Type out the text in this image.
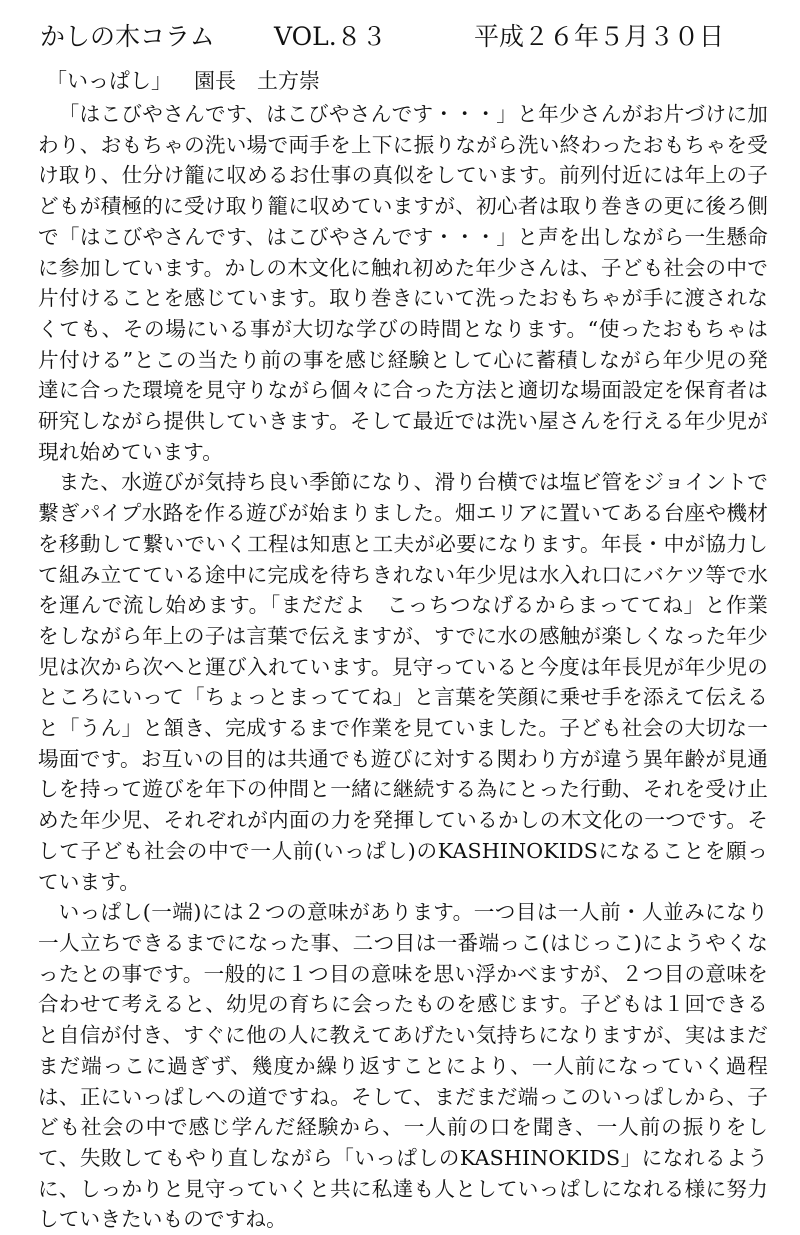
かしの木コラム VOL.８３	平成２６年５月３０日
「いっぱし」 園長　土方崇

「はこびやさんです、はこびやさんです・・・」と年少さんがお片づけに加わり、おもちゃの洗い場で両手を上下に振りながら洗い終わったおもちゃを受け取り、仕分け籠に収めるお仕事の真似をしています。前列付近には年上の子どもが積極的に受け取り籠に収めていますが、初心者は取り巻きの更に後ろ側で「はこびやさんです、はこびやさんです・・・」と声を出しながら一生懸命に参加しています。かしの木文化に触れ初めた年少さんは、子ども社会の中で片付けることを感じています。取り巻きにいて洗ったおもちゃが手に渡されなくても、その場にいる事が大切な学びの時間となります。“使ったおもちゃは片付ける”とこの当たり前の事を感じ経験として心に蓄積しながら年少児の発達に合った環境を見守りながら個々に合った方法と適切な場面設定を保育者は研究しながら提供していきます。そして最近では洗い屋さんを行える年少児が現れ始めています。

また、水遊びが気持ち良い季節になり、滑り台横では塩ビ管をジョイントで繋ぎパイプ水路を作る遊びが始まりました。畑エリアに置いてある台座や機材を移動して繋いでいく工程は知恵と工夫が必要になります。年長・中が協力して組み立てている途中に完成を待ちきれない年少児は水入れ口にバケツ等で水を運んで流し始めます。「まだだよ　こっちつなげるからまっててね」と作業をしながら年上の子は言葉で伝えますが、すでに水の感触が楽しくなった年少児は次から次へと運び入れています。見守っていると今度は年長児が年少児のところにいって「ちょっとまっててね」と言葉を笑顔に乗せ手を添えて伝えると「うん」と頷き、完成するまで作業を見ていました。子ども社会の大切な一場面です。お互いの目的は共通でも遊びに対する関わり方が違う異年齢が見通しを持って遊びを年下の仲間と一緒に継続する為にとった行動、それを受け止めた年少児、それぞれが内面の力を発揮しているかしの木文化の一つです。そして子ども社会の中で一人前(いっぱし)のKASHINOKIDSになることを願っています。

いっぱし(一端)には２つの意味があります。一つ目は一人前・人並みになり一人立ちできるまでになった事、二つ目は一番端っこ(はじっこ)にようやくなったとの事です。一般的に１つ目の意味を思い浮かべますが、２つ目の意味を合わせて考えると、幼児の育ちに会ったものを感じます。子どもは１回できると自信が付き、すぐに他の人に教えてあげたい気持ちになりますが、実はまだまだ端っこに過ぎず、幾度か繰り返すことにより、一人前になっていく過程は、正にいっぱしへの道ですね。そして、まだまだ端っこのいっぱしから、子ども社会の中で感じ学んだ経験から、一人前の口を聞き、一人前の振りをして、失敗してもやり直しながら「いっぱしのKASHINOKIDS」になれるように、しっかりと見守っていくと共に私達も人としていっぱしになれる様に努力していきたいものですね。
